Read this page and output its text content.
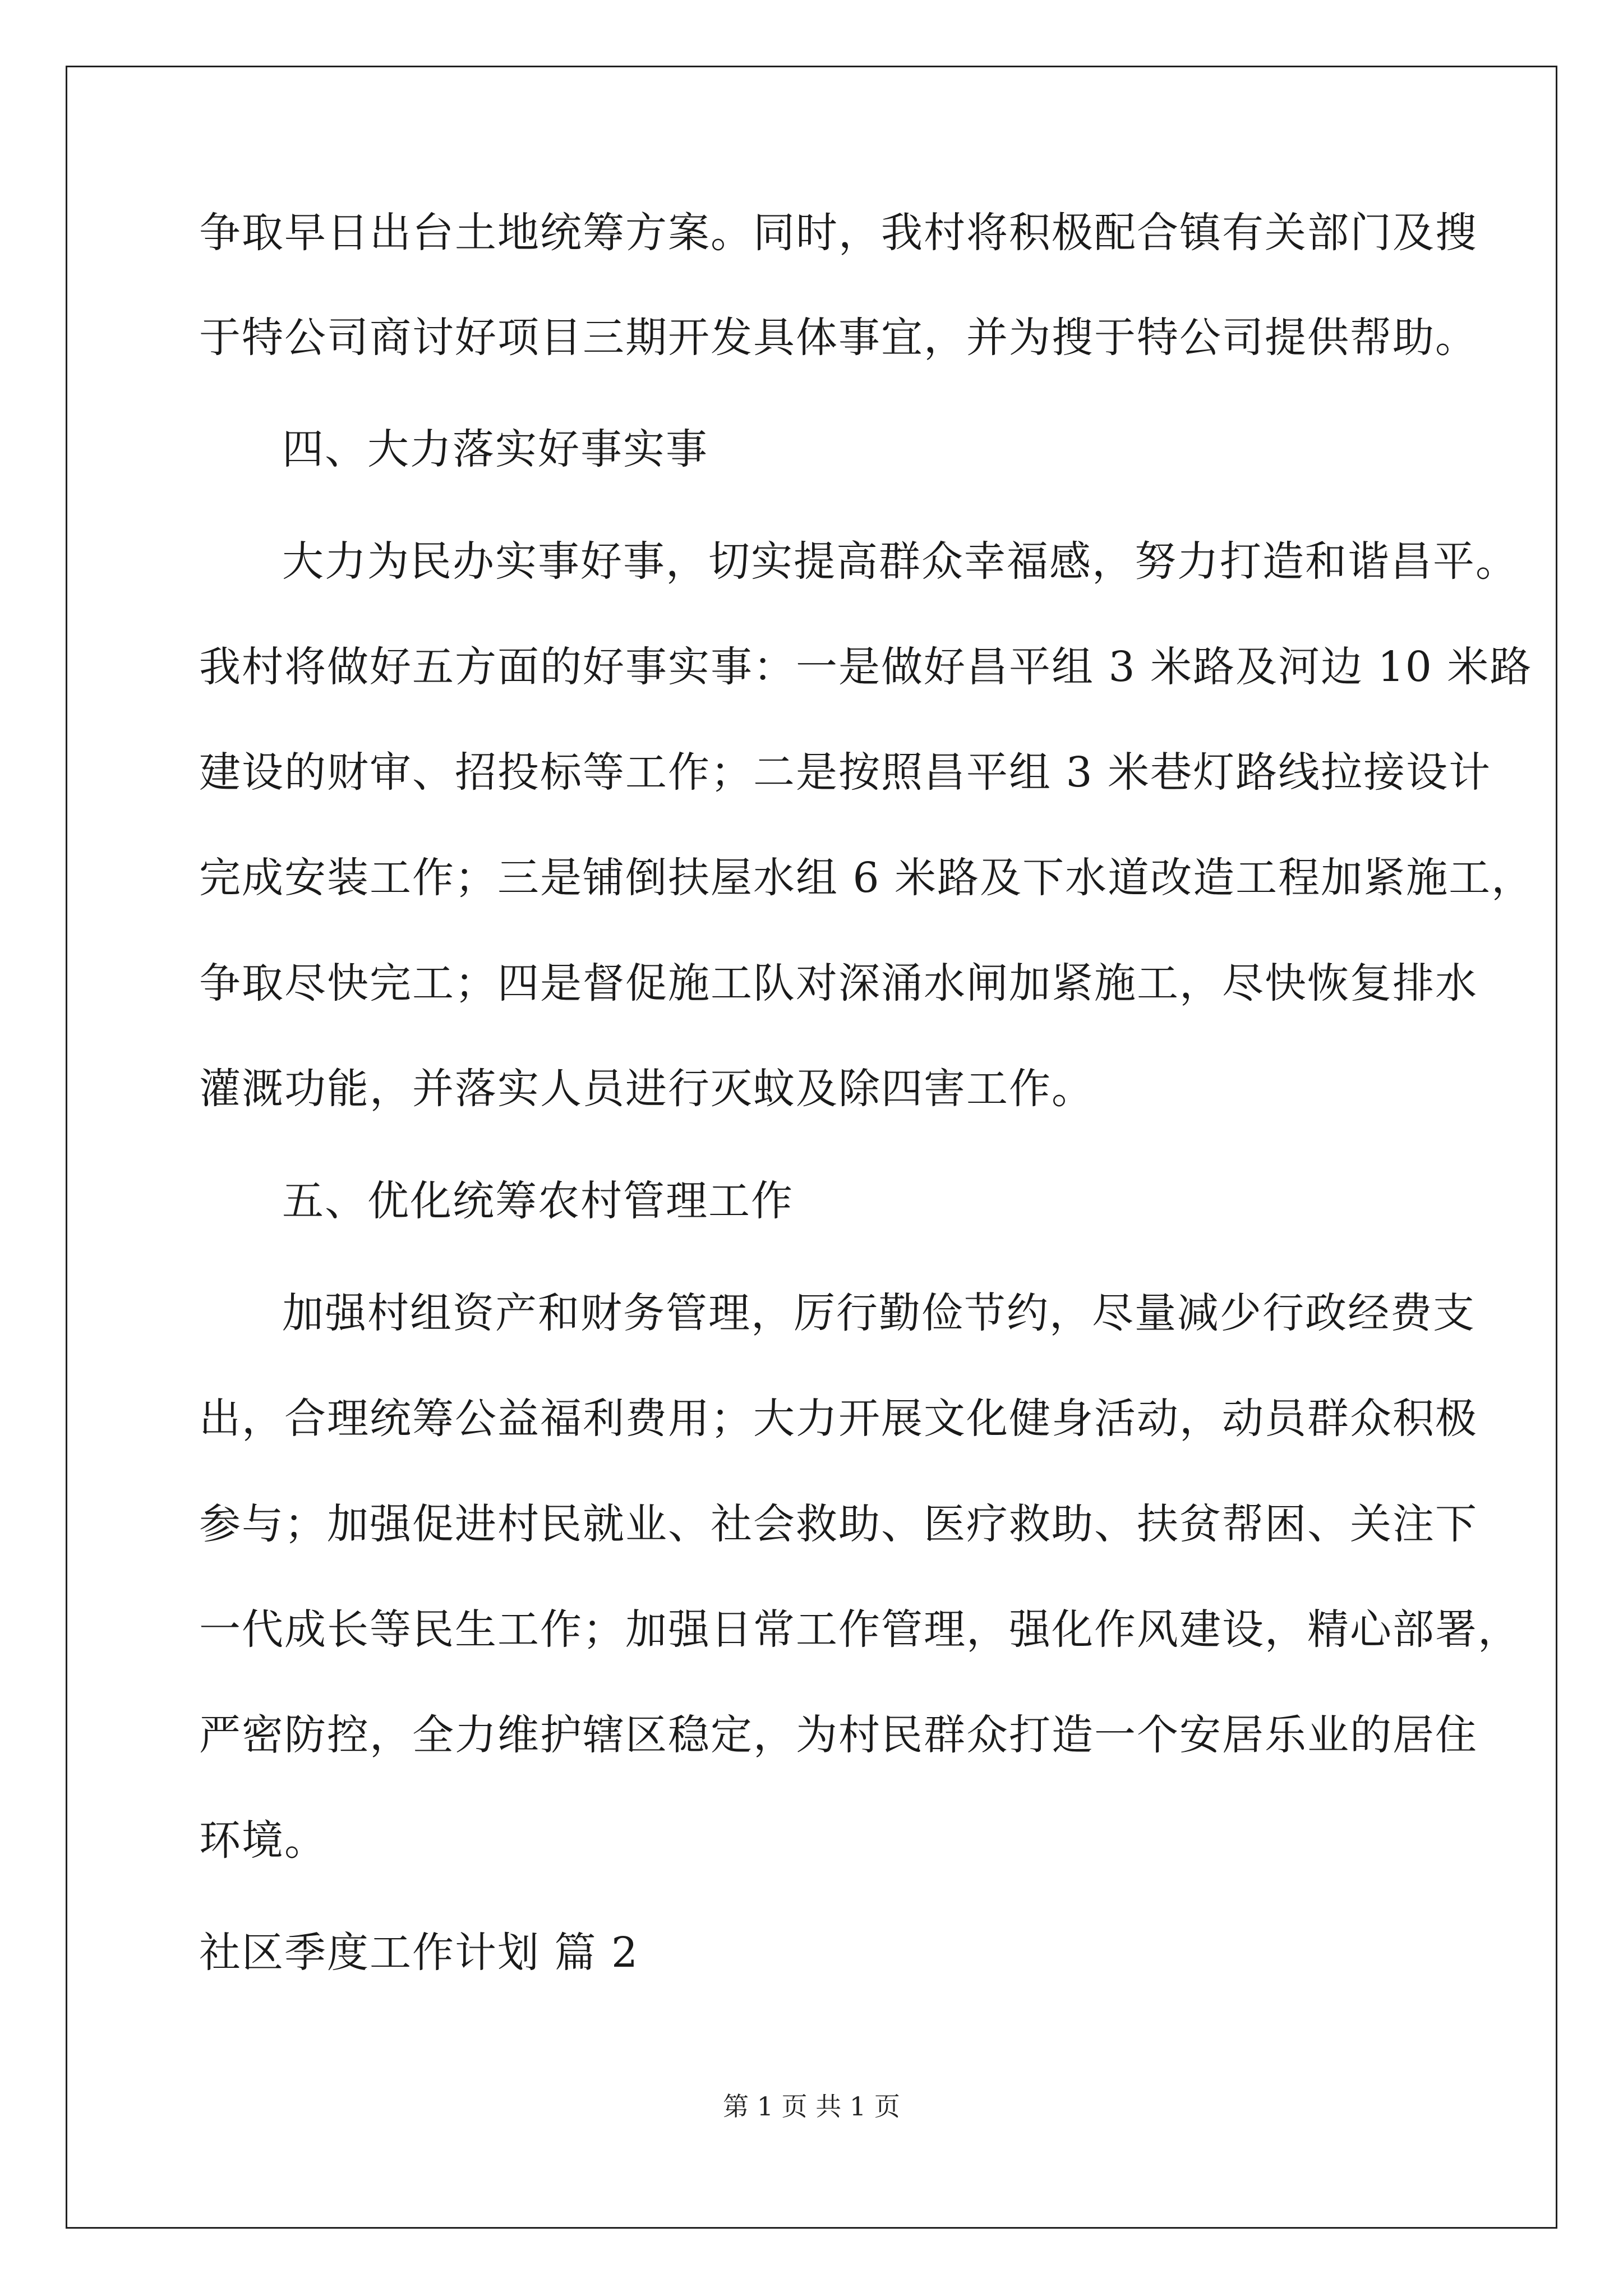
争取早日出台土地统筹方案。同时，我村将积极配合镇有关部门及搜
于特公司商讨好项目三期开发具体事宜，并为搜于特公司提供帮助。
四、大力落实好事实事
大力为民办实事好事，切实提高群众幸福感，努力打造和谐昌平。
我村将做好五方面的好事实事：一是做好昌平组 3 米路及河边 10 米路
建设的财审、招投标等工作；二是按照昌平组 3 米巷灯路线拉接设计
完成安装工作；三是铺倒扶屋水组 6 米路及下水道改造工程加紧施工，
争取尽快完工；四是督促施工队对深涌水闸加紧施工，尽快恢复排水
灌溉功能，并落实人员进行灭蚊及除四害工作。
五、优化统筹农村管理工作
加强村组资产和财务管理，厉行勤俭节约，尽量减少行政经费支
出，合理统筹公益福利费用；大力开展文化健身活动，动员群众积极
参与；加强促进村民就业、社会救助、医疗救助、扶贫帮困、关注下
一代成长等民生工作；加强日常工作管理，强化作风建设，精心部署，
严密防控，全力维护辖区稳定，为村民群众打造一个安居乐业的居住
环境。
社区季度工作计划 篇 2
第 1 页 共 1 页
